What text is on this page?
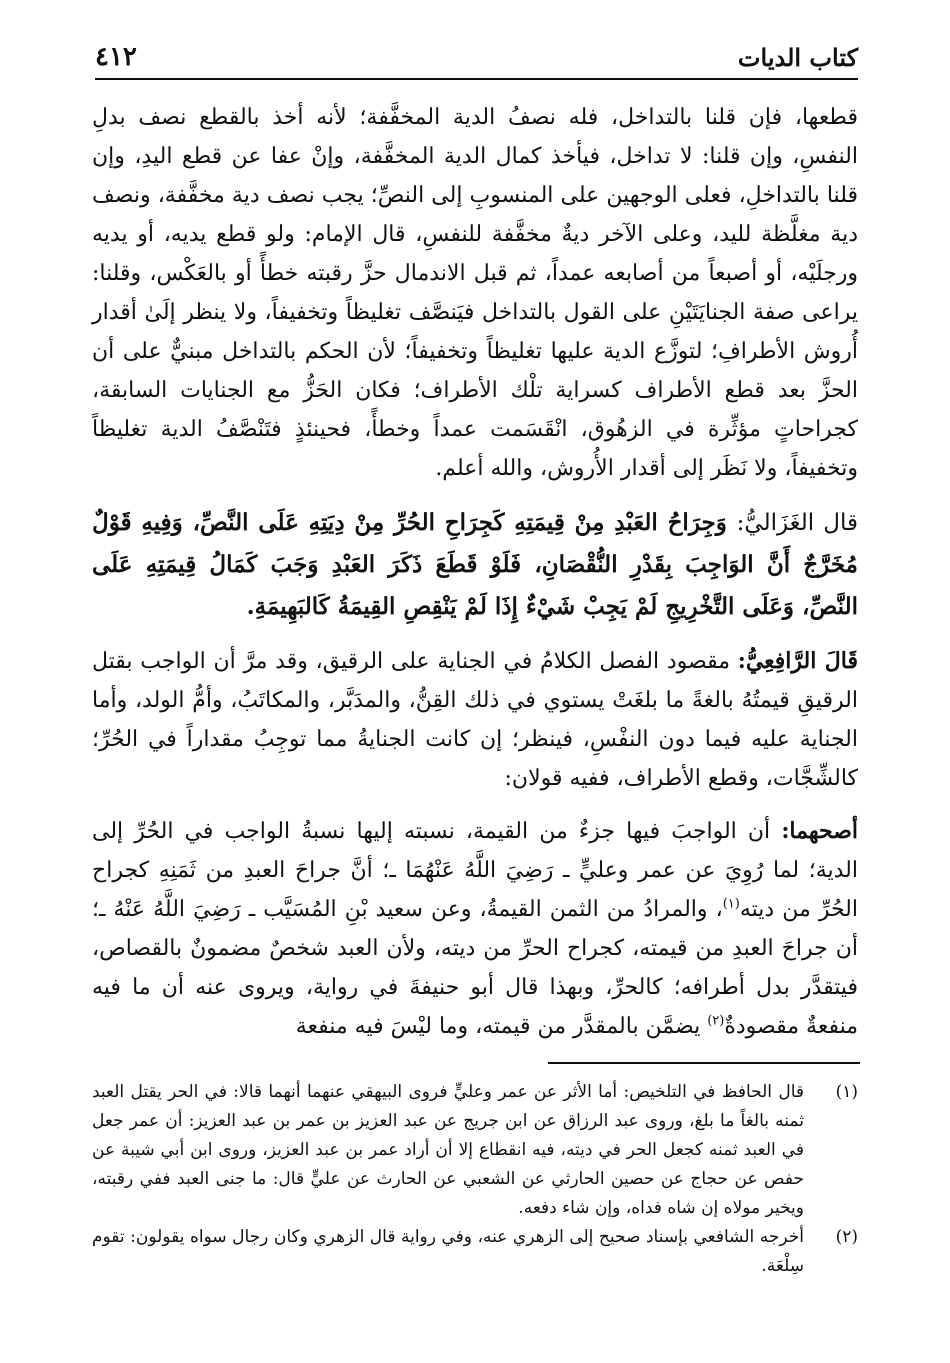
كتاب الديات
٤١٢

قطعها، فإن قلنا بالتداخل، فله نصفُ الدية المخفَّفة؛ لأنه أخذ بالقطع نصف بدلِ النفسِ، وإن قلنا: لا تداخل، فيأخذ كمال الدية المخفَّفة، وإنْ عفا عن قطع اليدِ، وإن قلنا بالتداخلِ، فعلى الوجهين على المنسوبِ إلى النصِّ؛ يجب نصف دية مخفَّفة، ونصف دية مغلَّظة لليد، وعلى الآخر ديةٌ مخفَّفة للنفسِ، قال الإمام: ولو قطع يديه، أو يديه ورجلَيْه، أو أصبعاً من أصابعه عمداً، ثم قبل الاندمال حزَّ رقبته خطأً أو بالعَكْس، وقلنا: يراعى صفة الجنايَتَيْنِ على القول بالتداخل فيَنصَّف تغليظاً وتخفيفاً، ولا ينظر إلَىٰ أقدار أُروش الأطرافِ؛ لتوزَّع الدية عليها تغليظاً وتخفيفاً؛ لأن الحكم بالتداخل مبنيٌّ على أن الحزَّ بعد قطع الأطراف كسراية تلْك الأطراف؛ فكان الحَزُّ مع الجنايات السابقة، كجراحاتٍ مؤثِّرة في الزهُوق، انْقَسَمت عمداً وخطأً، فحينئذٍ فتَنْصَّفُ الدية تغليظاً وتخفيفاً، ولا نَظَر إلى أقدار الأُروش، والله أعلم.

قال الغَزَاليُّ: وَجِرَاحُ العَبْدِ مِنْ قِيمَتِهِ كَجِرَاحِ الحُرِّ مِنْ دِيَتِهِ عَلَى النَّصِّ، وَفِيهِ قَوْلٌ مُخَرَّجٌ أَنَّ الوَاجِبَ بِقَدْرِ النُّقْصَانِ، فَلَوْ قَطَعَ ذَكَرَ العَبْدِ وَجَبَ كَمَالُ قِيمَتِهِ عَلَى النَّصِّ، وَعَلَى التَّخْرِيجِ لَمْ يَجِبْ شَيْءٌ إِذَا لَمْ يَنْقِصِ القِيمَةُ كَالبَهِيمَةِ.

قَالَ الرَّافِعِيُّ: مقصود الفصل الكلامُ في الجناية على الرقيق، وقد مرَّ أن الواجب بقتل الرقيقِ قيمتُهُ بالغةً ما بلغَتْ يستوي في ذلك القِنُّ، والمدَبَّر، والمكاتَبُ، وأمُّ الولد، وأما الجناية عليه فيما دون النفْسِ، فينظر؛ إن كانت الجنايةُ مما توجِبُ مقداراً في الحُرِّ؛ كالشِّجَّات، وقطع الأطراف، ففيه قولان:

أصحهما: أن الواجبَ فيها جزءٌ من القيمة، نسبته إليها نسبةُ الواجب في الحُرِّ إلى الدية؛ لما رُوِيَ عن عمر وعليٍّ ـ رَضِيَ اللَّهُ عَنْهُمَا ـ؛ أنَّ جراحَ العبدِ من ثَمَنِهِ كجراح الحُرِّ من ديته$^{(١)}$، والمرادُ من الثمن القيمةُ، وعن سعيد بْنِ المُسَيَّب ـ رَضِيَ اللَّهُ عَنْهُ ـ؛ أن جراحَ العبدِ من قيمته، كجراح الحرِّ من ديته، ولأن العبد شخصٌ مضمونٌ بالقصاص، فيتقدَّر بدل أطرافه؛ كالحرِّ، وبهذا قال أبو حنيفةَ في رواية، ويروى عنه أن ما فيه منفعةٌ مقصودةٌ$^{(٢)}$ يضمَّن بالمقدَّر من قيمته، وما ليْسَ فيه منفعة

(١)
قال الحافظ في التلخيص: أما الأثر عن عمر وعليٍّ فروى البيهقي عنهما أنهما قالا: في الحر يقتل العبد ثمنه بالغاً ما بلغ، وروى عبد الرزاق عن ابن جريج عن عبد العزيز بن عمر بن عبد العزيز: أن عمر جعل في العبد ثمنه كجعل الحر في ديته، فيه انقطاع إلا أن أراد عمر بن عبد العزيز، وروى ابن أبي شيبة عن حفص عن حجاج عن حصين الحارثي عن الشعبي عن الحارث عن عليٍّ قال: ما جنى العبد ففي رقبته، ويخير مولاه إن شاه فداه، وإن شاء دفعه.
(٢)
أخرجه الشافعي بإسناد صحيح إلى الزهري عنه، وفي رواية قال الزهري وكان رجال سواه يقولون: تقوم سِلْعَة.
